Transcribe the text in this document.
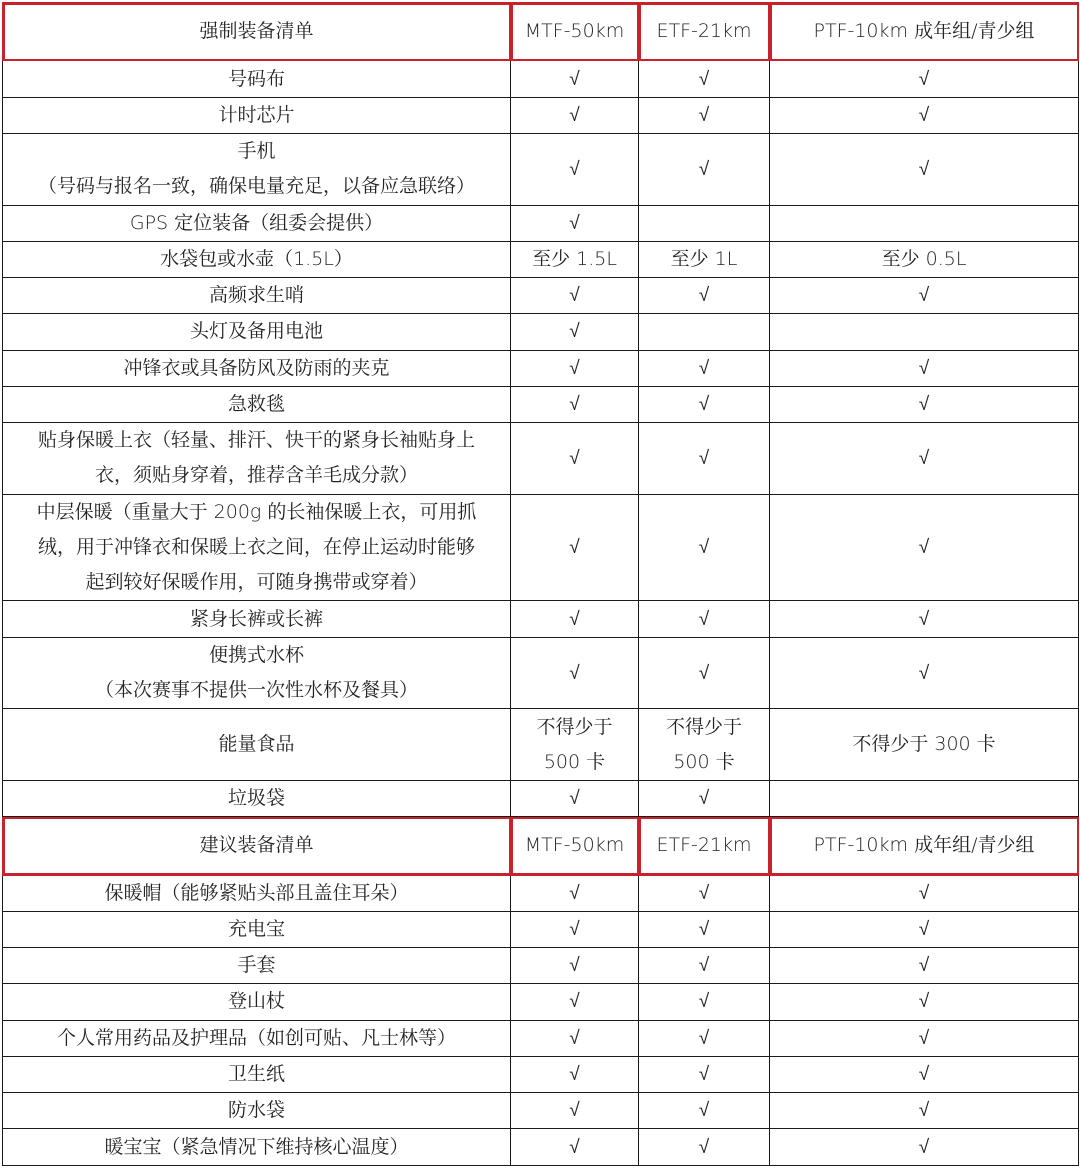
强制装备清单	MTF-50km	ETF-21km	PTF-10km 成年组/青少组

号码布	√	√	√

计时芯片	√	√	√

手机
（号码与报名一致，确保电量充足，以备应急联络）	√	√	√

GPS 定位装备（组委会提供）	√		

水袋包或水壶（1.5L）	至少 1.5L	至少 1L	至少 0.5L

高频求生哨	√	√	√

头灯及备用电池	√		

冲锋衣或具备防风及防雨的夹克	√	√	√

急救毯	√	√	√

贴身保暖上衣（轻量、排汗、快干的紧身长袖贴身上
衣，须贴身穿着，推荐含羊毛成分款）	√	√	√

中层保暖（重量大于 200g 的长袖保暖上衣，可用抓
绒，用于冲锋衣和保暖上衣之间，在停止运动时能够
起到较好保暖作用，可随身携带或穿着）	√	√	√

紧身长裤或长裤	√	√	√

便携式水杯
（本次赛事不提供一次性水杯及餐具）	√	√	√

能量食品	不得少于
500 卡	不得少于
500 卡	不得少于 300 卡

垃圾袋	√	√	

建议装备清单	MTF-50km	ETF-21km	PTF-10km 成年组/青少组

保暖帽（能够紧贴头部且盖住耳朵）	√	√	√

充电宝	√	√	√

手套	√	√	√

登山杖	√	√	√

个人常用药品及护理品（如创可贴、凡士林等）	√	√	√

卫生纸	√	√	√

防水袋	√	√	√

暖宝宝（紧急情况下维持核心温度）	√	√	√
